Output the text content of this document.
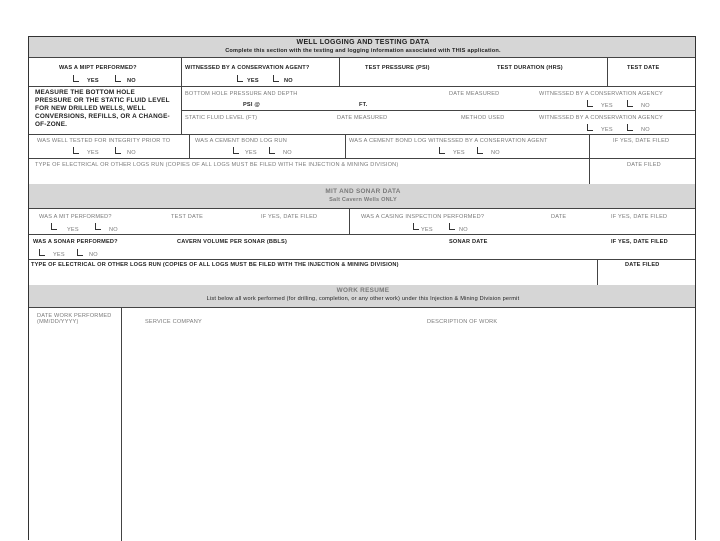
WELL LOGGING AND TESTING DATA
Complete this section with the testing and logging information associated with THIS application.
WAS A MIPT PERFORMED?
YES	NO
WITNESSED BY A CONSERVATION AGENT?
YES	NO
TEST PRESSURE (PSI)	TEST DURATION (HRS)	TEST DATE
MEASURE THE BOTTOM HOLE PRESSURE OR THE STATIC FLUID LEVEL FOR NEW DRILLED WELLS, WELL CONVERSIONS, REFILLS, OR A CHANGE-OF-ZONE.
BOTTOM HOLE PRESSURE AND DEPTH
PSI @	FT.
DATE MEASURED	WITNESSED BY A CONSERVATION AGENCY
YES	NO
STATIC FLUID LEVEL (FT)	DATE MEASURED	METHOD USED	WITNESSED BY A CONSERVATION AGENCY
YES	NO
WAS WELL TESTED FOR INTEGRITY PRIOR TO
YES	NO
WAS A CEMENT BOND LOG RUN
YES	NO
WAS A CEMENT BOND LOG WITNESSED BY A CONSERVATION AGENT
YES	NO
IF YES, DATE FILED
TYPE OF ELECTRICAL OR OTHER LOGS RUN (COPIES OF ALL LOGS MUST BE FILED WITH THE INJECTION & MINING DIVISION)	DATE FILED
MIT AND SONAR DATA
Salt Cavern Wells ONLY
WAS A MIT PERFORMED?
YES	NO
TEST DATE	IF YES, DATE FILED	WAS A CASING INSPECTION PERFORMED?
YES	NO
DATE	IF YES, DATE FILED
WAS A SONAR PERFORMED?
YES	NO
CAVERN VOLUME PER SONAR (BBLS)	SONAR DATE	IF YES, DATE FILED
TYPE OF ELECTRICAL OR OTHER LOGS RUN (COPIES OF ALL LOGS MUST BE FILED WITH THE INJECTION & MINING DIVISION)	DATE FILED
WORK RESUME
List below all work performed (for drilling, completion, or any other work) under this Injection & Mining Division permit
DATE WORK PERFORMED (MM/DD/YYYY)	SERVICE COMPANY	DESCRIPTION OF WORK
